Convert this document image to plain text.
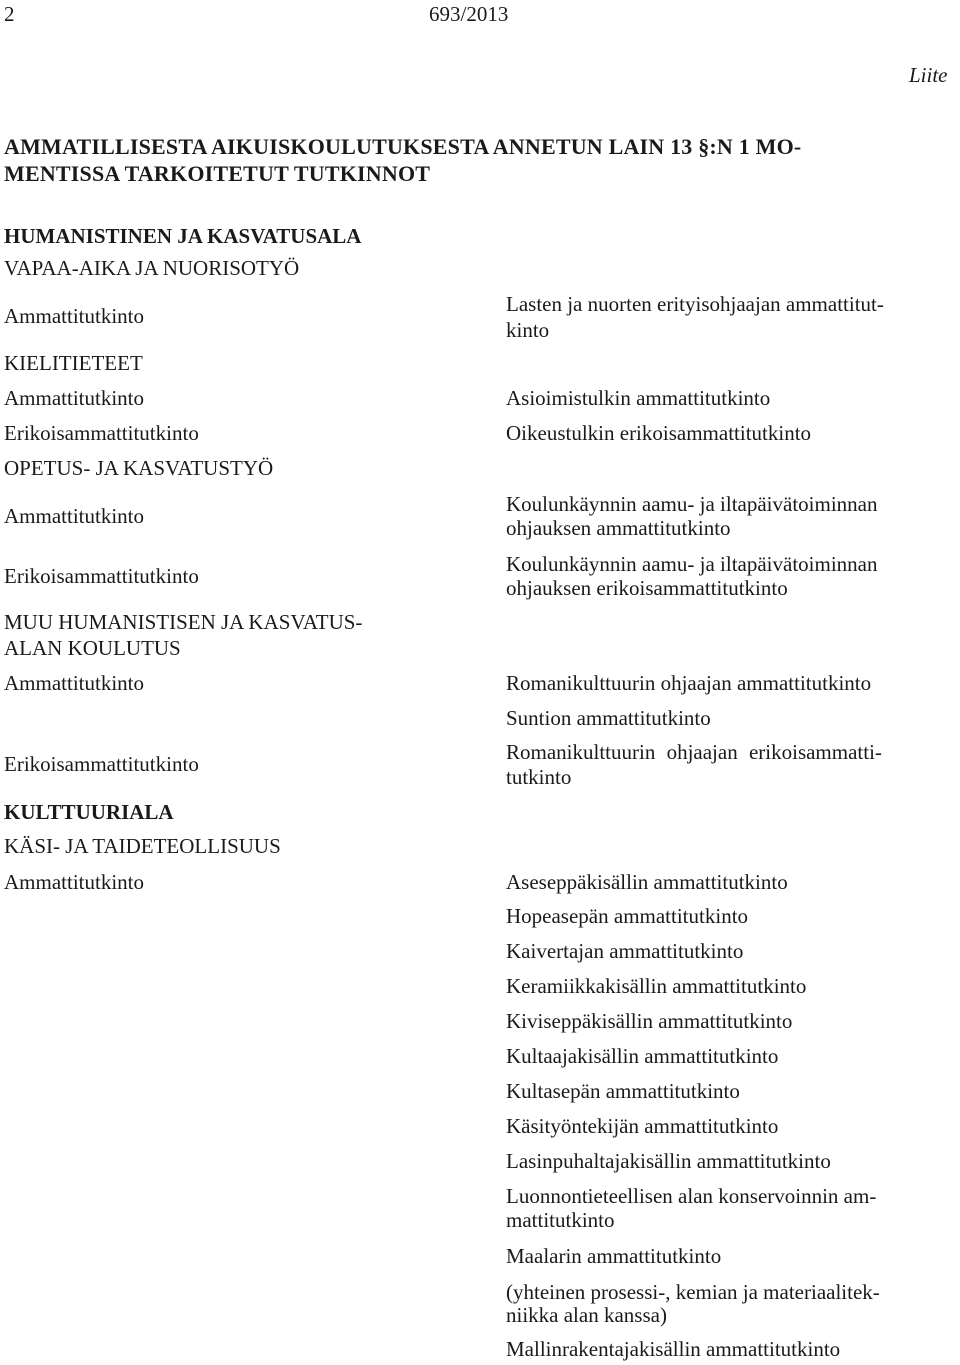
2	693/2013
Liite
AMMATILLISESTA AIKUISKOULUTUKSESTA ANNETUN LAIN 13 §:N 1 MO-
MENTISSA TARKOITETUT TUTKINNOT
HUMANISTINEN JA KASVATUSALA
VAPAA-AIKA JA NUORISOTYÖ
Ammattitutkinto
KIELITIETEET
Ammattitutkinto
Erikoisammattitutkinto
OPETUS- JA KASVATUSTYÖ
Ammattitutkinto
Erikoisammattitutkinto
MUU HUMANISTISEN JA KASVATUS-
ALAN KOULUTUS
Ammattitutkinto
Erikoisammattitutkinto
KULTTUURIALA
KÄSI- JA TAIDETEOLLISUUS
Ammattitutkinto
Lasten ja nuorten erityisohjaajan ammattitut-
kinto
Asioimistulkin ammattitutkinto
Oikeustulkin erikoisammattitutkinto
Koulunkäynnin aamu- ja iltapäivätoiminnan
ohjauksen ammattitutkinto
Koulunkäynnin aamu- ja iltapäivätoiminnan
ohjauksen erikoisammattitutkinto
Romanikulttuurin ohjaajan ammattitutkinto
Suntion ammattitutkinto
Romanikulttuurin ohjaajan erikoisammatti-
tutkinto
Aseseppäkisällin ammattitutkinto
Hopeasepän ammattitutkinto
Kaivertajan ammattitutkinto
Keramiikkakisällin ammattitutkinto
Kiviseppäkisällin ammattitutkinto
Kultaajakisällin ammattitutkinto
Kultasepän ammattitutkinto
Käsityöntekijän ammattitutkinto
Lasinpuhaltajakisällin ammattitutkinto
Luonnontieteellisen alan konservoinnin am-
mattitutkinto
Maalarin ammattitutkinto
(yhteinen prosessi-, kemian ja materiaalitek-
niikka alan kanssa)
Mallinrakentajakisällin ammattitutkinto
